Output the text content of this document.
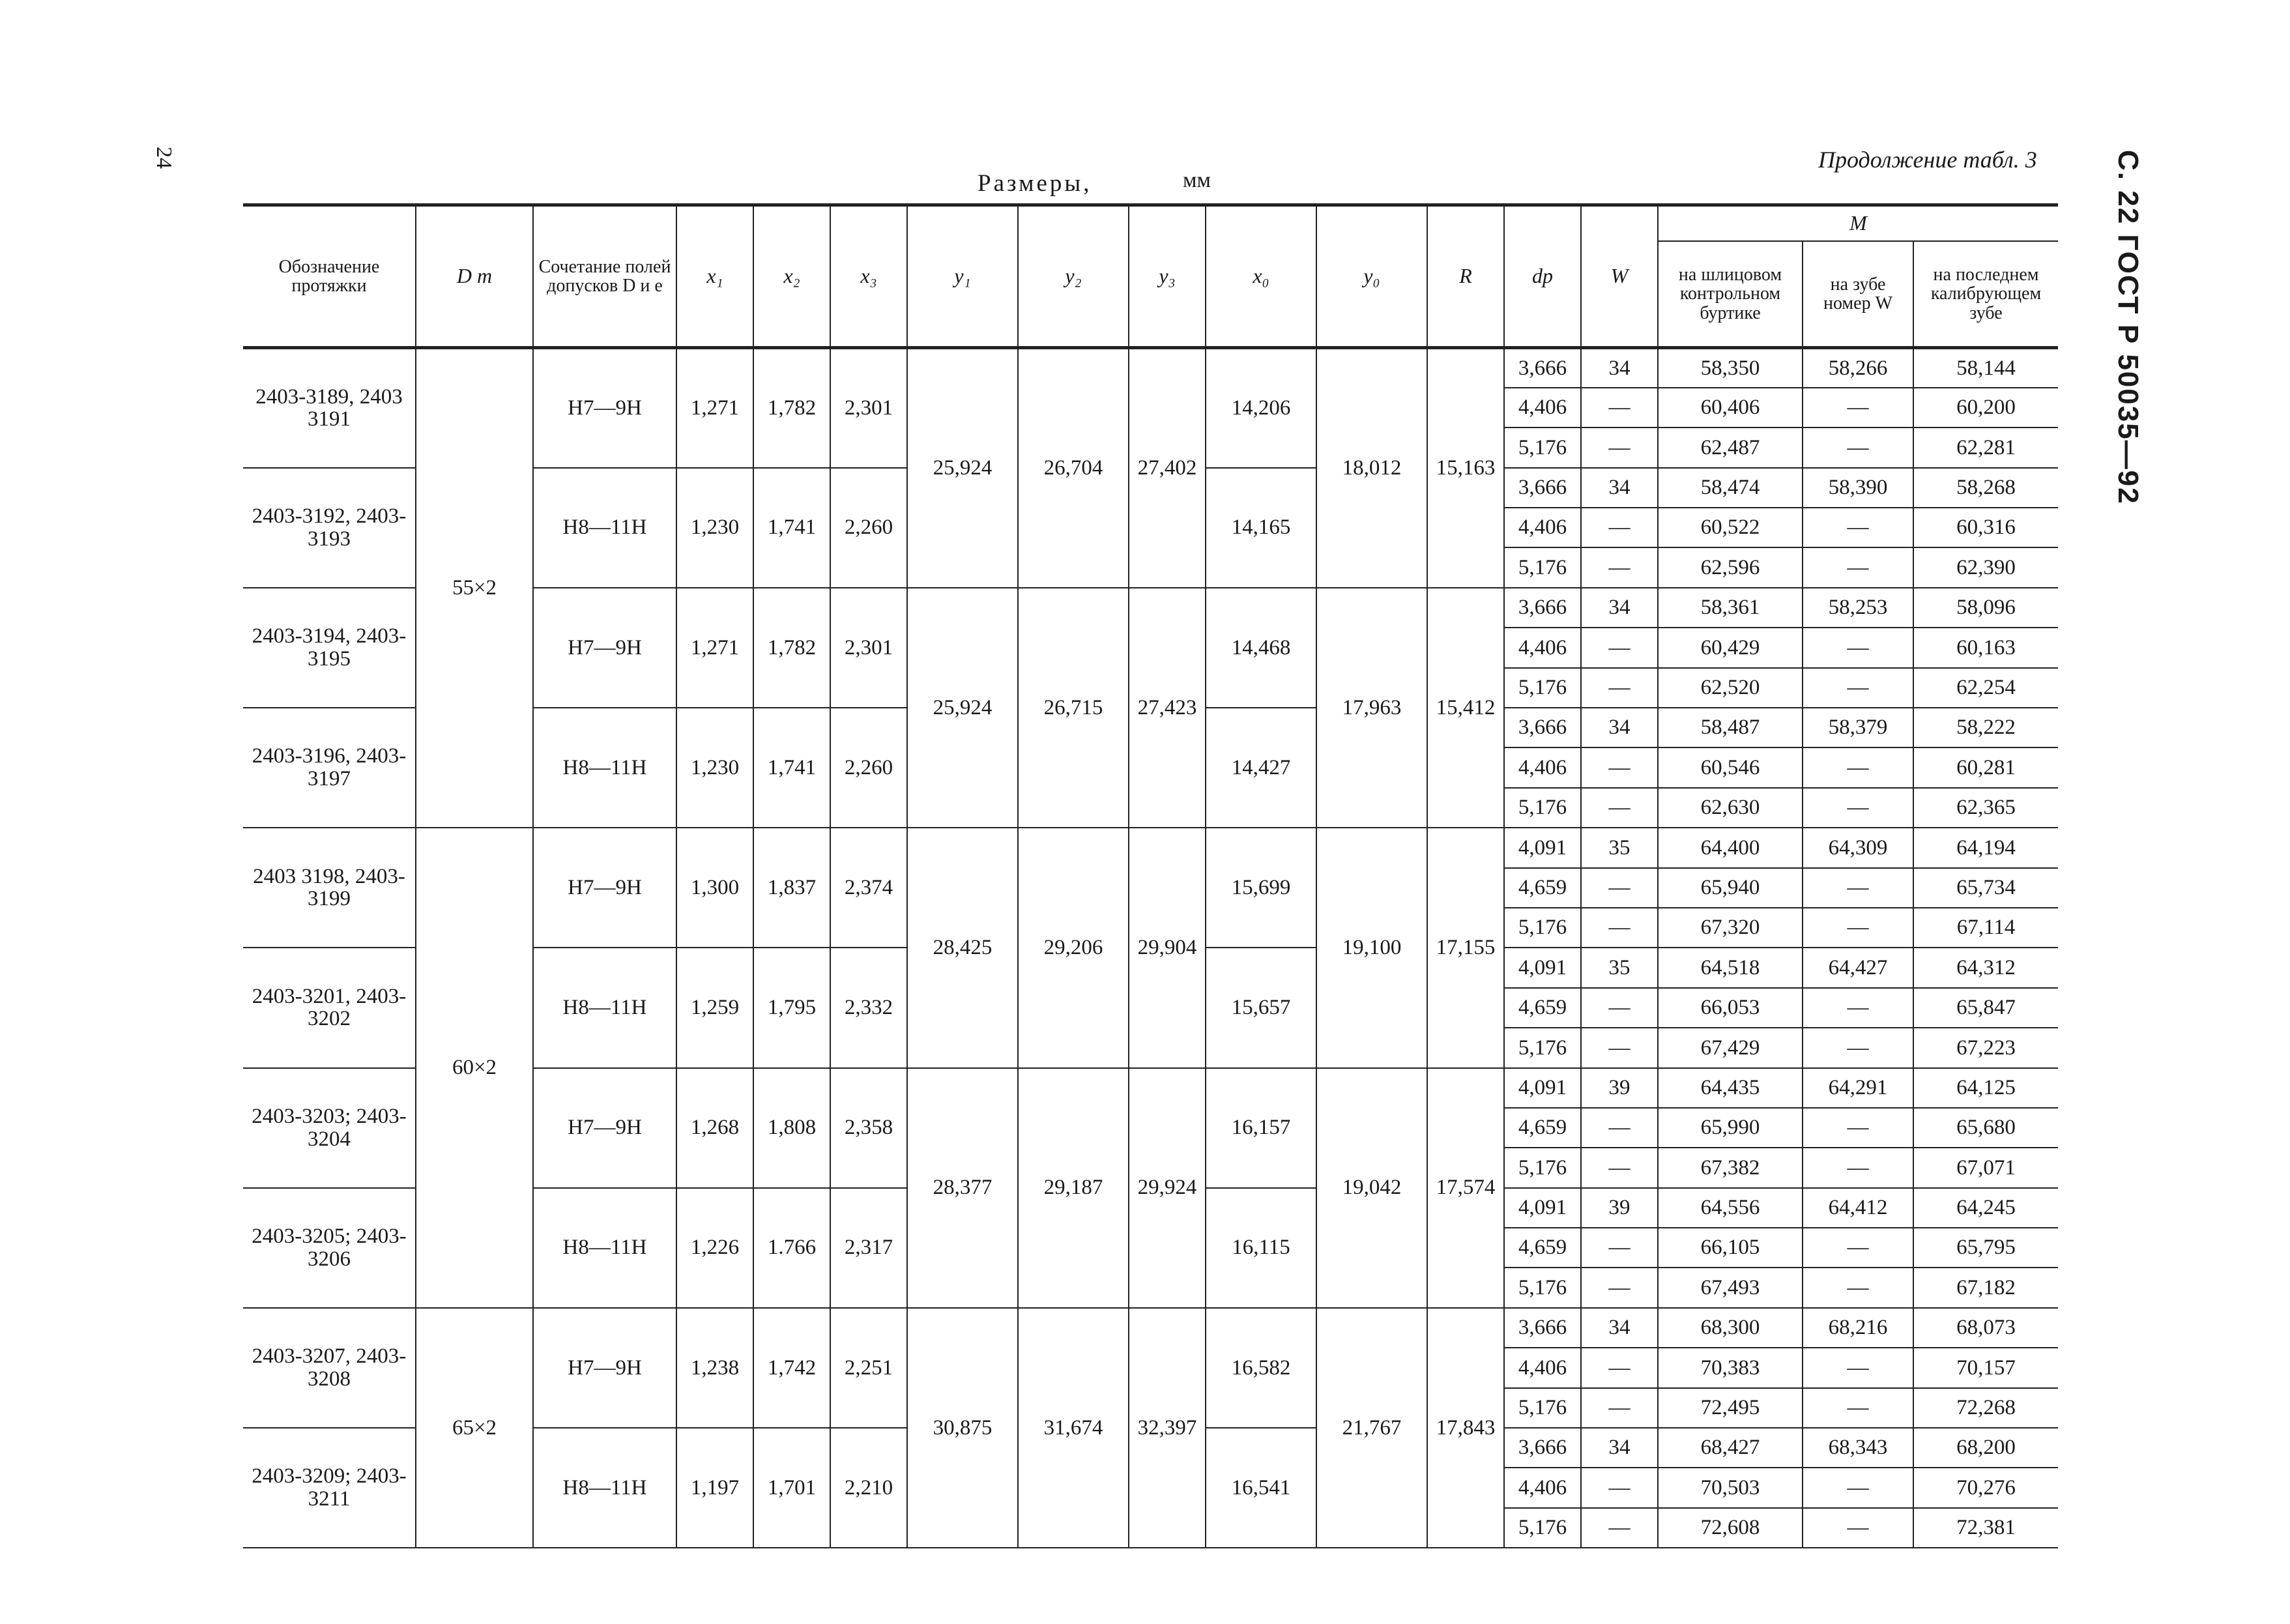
24	С. 22 ГОСТ Р 50035—92
Продолжение табл. 3
Размеры,	мм
Обозначение протяжки	D m	Сочетание полей допусков D и e	x₁	x₂	x₃	y₁	y₂	y₃	x₀	y₀	R	dp	W	M		
														на шлицовом контрольном буртике	на зубе номер W	на последнем калибрующем зубе
2403-3189, 2403 3191	55×2	H7—9H	1,271	1,782	2,301	25,924	26,704	27,402	14,206	18,012	15,163	3,666	34	58,350	58,266	58,144
												4,406	—	60,406	—	60,200
												5,176	—	62,487	—	62,281
2403-3192, 2403-3193		H8—11H	1,230	1,741	2,260				14,165			3,666	34	58,474	58,390	58,268
												4,406	—	60,522	—	60,316
												5,176	—	62,596	—	62,390
2403-3194, 2403-3195		H7—9H	1,271	1,782	2,301	25,924	26,715	27,423	14,468	17,963	15,412	3,666	34	58,361	58,253	58,096
												4,406	—	60,429	—	60,163
												5,176	—	62,520	—	62,254
2403-3196, 2403-3197		H8—11H	1,230	1,741	2,260				14,427			3,666	34	58,487	58,379	58,222
												4,406	—	60,546	—	60,281
												5,176	—	62,630	—	62,365
2403 3198, 2403-3199	60×2	H7—9H	1,300	1,837	2,374	28,425	29,206	29,904	15,699	19,100	17,155	4,091	35	64,400	64,309	64,194
												4,659	—	65,940	—	65,734
												5,176	—	67,320	—	67,114
2403-3201, 2403-3202		H8—11H	1,259	1,795	2,332				15,657			4,091	35	64,518	64,427	64,312
												4,659	—	66,053	—	65,847
												5,176	—	67,429	—	67,223
2403-3203; 2403-3204		H7—9H	1,268	1,808	2,358	28,377	29,187	29,924	16,157	19,042	17,574	4,091	39	64,435	64,291	64,125
												4,659	—	65,990	—	65,680
												5,176	—	67,382	—	67,071
2403-3205; 2403-3206		H8—11H	1,226	1.766	2,317				16,115			4,091	39	64,556	64,412	64,245
												4,659	—	66,105	—	65,795
												5,176	—	67,493	—	67,182
2403-3207, 2403-3208	65×2	H7—9H	1,238	1,742	2,251	30,875	31,674	32,397	16,582	21,767	17,843	3,666	34	68,300	68,216	68,073
												4,406	—	70,383	—	70,157
												5,176	—	72,495	—	72,268
2403-3209; 2403-3211		H8—11H	1,197	1,701	2,210				16,541			3,666	34	68,427	68,343	68,200
												4,406	—	70,503	—	70,276
												5,176	—	72,608	—	72,381
